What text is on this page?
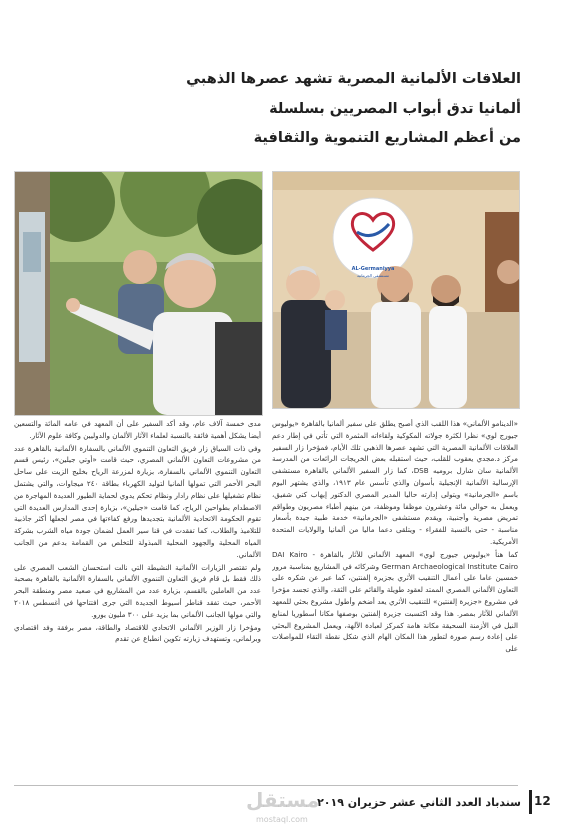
العلاقات الألمانية المصرية تشهد عصرها الذهبي
ألمانيا تدق أبواب المصريين بسلسلة
من أعظم المشاريع التنموية والثقافية
AL-Germaniyya
مستشفى الجرمانية

«الدينامو الألماني» هذا اللقب الذي أصبح يطلق على سفير ألمانيا بالقاهرة «يوليوس جيورج لوي» نظرا لكثرة جولاته المكوكية ولقاءاته المثمرة التي تأتي في إطار دعم العلاقات الألمانية المصرية التي تشهد عصرها الذهبي تلك الأيام، فمؤخرا زار السفير مركز د.مجدي يعقوب للقلب، حيث استقبله بعض الخريجات الرائعات من المدرسة الألمانية سان شارل بروميه DSB، كما زار السفير الألماني بالقاهرة مستشفى الإرسالية الألمانية الإنجيلية بأسوان والذي تأسس عام ١٩١٣، والذي يشتهر اليوم باسم «الجرمانية» ويتولى إدارته حاليا المدير المصري الدكتور إيهاب كتي شفيق، ويعمل به حوالي مائة وعشرون موظفا وموظفة، من بينهم أطباء مصريون وطواقم تمريض مصرية وأجنبية، ويقدم مستشفى «الجرمانية» خدمة طبية جيدة بأسعار مناسبة - حتى بالنسبة للفقراء - ويتلقى دعما ماليا من ألمانيا والولايات المتحدة الأمريكية.

كما هنأ «يوليوس جيورج لوي» المعهد الألماني للآثار بالقاهرة DAI Kairo - German Archaeological Institute Cairo وشركائه في المشاريع بمناسبة مرور خمسين عاما على أعمال التنقيب الأثري بجزيرة إلفنتين، كما عبر عن شكره على التعاون الألماني المصري الممتد لعقود طويلة والقائم على الثقة، والذي تجسد مؤخرا في مشروع «جزيرة إلفنتين» للتنقيب الأثري يعد أضخم وأطول مشروع بحثي للمعهد الألماني للآثار بمصر. هذا وقد اكتسبت جزيرة إلفنتين بوصفها مكانا أسطوريا لمنابع النيل في الأزمنة السحيقة مكانة هامة كمركز لعبادة الآلهة، ويعمل المشروع البحثي على إعادة رسم صورة لتطور هذا المكان الهام الذي شكل نقطة التقاء للمواصلات على

مدى خمسة آلاف عام، وقد أكد السفير على أن المعهد في عامه المائة والتسعين أيضا يشكل أهمية فائقة بالنسبة لعلماء الآثار الألمان والدوليين وكافة علوم الآثار.

وفي ذات السياق زار فريق التعاون التنموي الألماني بالسفارة الألمانية بالقاهرة عدد من مشروعات التعاون الألماني المصري، حيث قامت «أوتي جيلين»، رئيس قسم التعاون التنموي الألماني بالسفارة، بزيارة لمزرعة الرياح بخليج الزيت على ساحل البحر الأحمر التي تمولها ألمانيا لتوليد الكهرباء بطاقة ٢٤٠ ميجاوات، والتي يشتمل نظام تشغيلها على نظام رادار ونظام تحكم يدوي لحماية الطيور العديدة المهاجرة من الاصطدام بطواحين الرياح، كما قامت «جيلين»، بزيارة إحدى المدارس العديدة التي تقوم الحكومة الاتحادية الألمانية بتجديدها ورفع كفاءتها في مصر لجعلها أكثر جاذبية للتلاميذ والطلاب، كما تفقدت في قنا سير العمل لضمان جودة مياه الشرب بشركة المياه المحلية والجهود المحلية المبذولة للتخلص من القمامة بدعم من الجانب الألماني.

ولم تقتصر الزيارات الألمانية النشيطة التي نالت استحسان الشعب المصري على ذلك فقط بل قام فريق التعاون التنموي الألماني بالسفارة الألمانية بالقاهرة بصحبة عدد من العاملين بالقسم، بزيارة عدد من المشاريع في صعيد مصر ومنطقة البحر الأحمر، حيث تفقد قناطر أسيوط الجديدة التي جرى افتتاحها في أغسطس ٢٠١٨ والتي مولها الجانب الألماني بما يزيد على ٣٠٠ مليون يورو.

ومؤخرا زار الوزير الألماني الاتحادي للاقتصاد والطاقة، مصر برفقة وفد اقتصادي وبرلماني، وتستهدف زيارته تكوين انطباع عن تقدم

12
سندباد العدد الثاني عشر حزيران ٢٠١٩
مستقل
mostaql.com
